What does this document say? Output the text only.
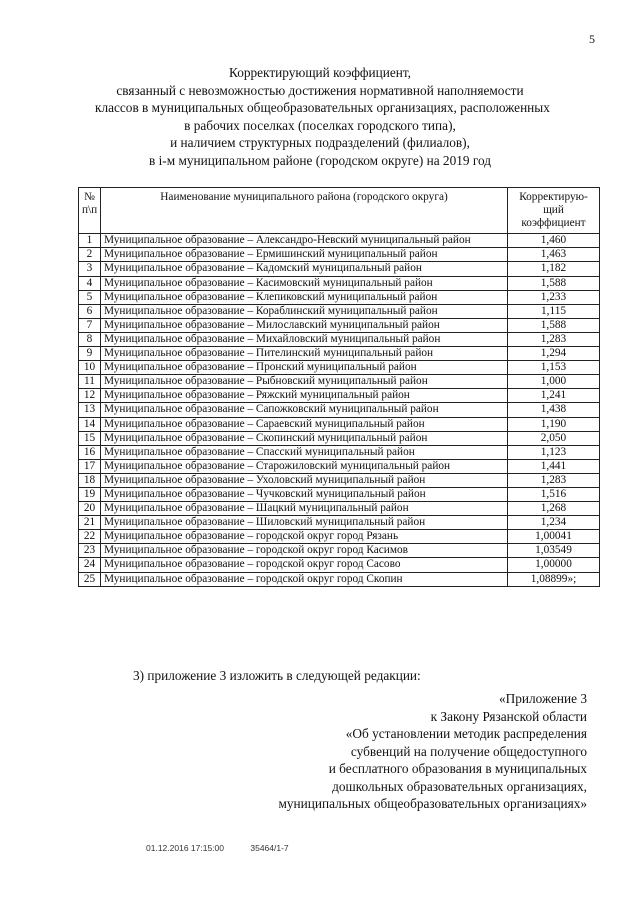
5
Корректирующий коэффициент,
связанный с невозможностью достижения нормативной наполняемости
классов в муниципальных общеобразовательных организациях, расположенных
в рабочих поселках (поселках городского типа),
и наличием структурных подразделений (филиалов),
в i-м муниципальном районе (городском округе) на 2019 год
№ п\п	Наименование муниципального района (городского округа)	Корректирую-щий коэффициент
1	Муниципальное образование – Александро-Невский муниципальный район	1,460
2	Муниципальное образование – Ермишинский муниципальный район	1,463
3	Муниципальное образование – Кадомский муниципальный район	1,182
4	Муниципальное образование – Касимовский муниципальный район	1,588
5	Муниципальное образование – Клепиковский муниципальный район	1,233
6	Муниципальное образование – Кораблинский муниципальный район	1,115
7	Муниципальное образование – Милославский муниципальный район	1,588
8	Муниципальное образование – Михайловский муниципальный район	1,283
9	Муниципальное образование – Пителинский муниципальный район	1,294
10	Муниципальное образование – Пронский муниципальный район	1,153
11	Муниципальное образование – Рыбновский муниципальный район	1,000
12	Муниципальное образование – Ряжский муниципальный район	1,241
13	Муниципальное образование – Сапожковский муниципальный район	1,438
14	Муниципальное образование – Сараевский муниципальный район	1,190
15	Муниципальное образование – Скопинский муниципальный район	2,050
16	Муниципальное образование – Спасский муниципальный район	1,123
17	Муниципальное образование – Старожиловский муниципальный район	1,441
18	Муниципальное образование – Ухоловский муниципальный район	1,283
19	Муниципальное образование – Чучковский муниципальный район	1,516
20	Муниципальное образование – Шацкий муниципальный район	1,268
21	Муниципальное образование – Шиловский муниципальный район	1,234
22	Муниципальное образование – городской округ город Рязань	1,00041
23	Муниципальное образование – городской округ город Касимов	1,03549
24	Муниципальное образование – городской округ город Сасово	1,00000
25	Муниципальное образование – городской округ город Скопин	1,08899»;
3) приложение 3 изложить в следующей редакции:
«Приложение 3
к Закону Рязанской области
«Об установлении методик распределения
субвенций на получение общедоступного
и бесплатного образования в муниципальных
дошкольных образовательных организациях,
муниципальных общеобразовательных организациях»
01.12.2016 17:15:00	35464/1-7
